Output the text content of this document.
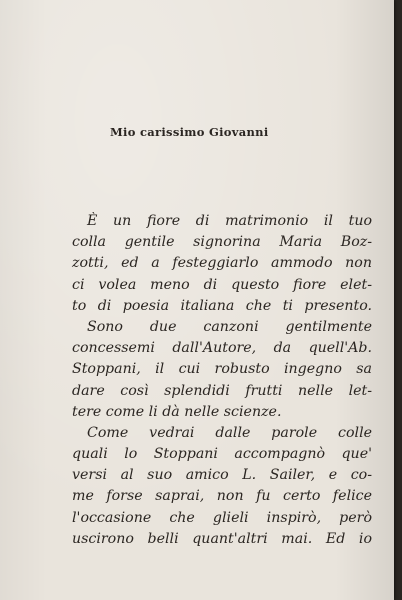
Mio carissimo Giovanni
È un fiore di matrimonio il tuo
colla gentile signorina Maria Boz-
zotti, ed a festeggiarlo ammodo non
ci volea meno di questo fiore elet-
to di poesia italiana che ti presento.
Sono due canzoni gentilmente
concessemi dall'Autore, da quell'Ab.
Stoppani, il cui robusto ingegno sa
dare così splendidi frutti nelle let-
tere come li dà nelle scienze.
Come vedrai dalle parole colle
quali lo Stoppani accompagnò que'
versi al suo amico L. Sailer, e co-
me forse saprai, non fu certo felice
l'occasione che glieli inspirò, però
uscirono belli quant'altri mai. Ed io
